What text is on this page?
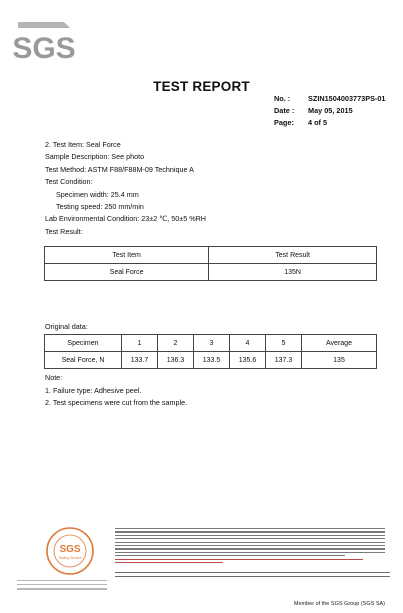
SGS
TEST REPORT
No. :	SZIN1504003773PS-01
Date :	May 05, 2015
Page:	4 of 5
2. Test Item: Seal Force
Sample Description: See photo
Test Method: ASTM F88/F88M-09 Technique A
Test Condition:
Specimen width: 25.4 mm
Testing speed: 250 mm/min
Lab Environmental Condition: 23±2 ℃, 50±5 %RH
Test Result:
Test Item	Test Result
Seal Force	135N
Original data:
Specimen	1	2	3	4	5	Average
Seal Force, N	133.7	136.3	133.5	135.6	137.3	135
Note:
1. Failure type: Adhesive peel.
2. Test specimens were cut from the sample.
SGS
Testing Service
Member of the SGS Group (SGS SA)
